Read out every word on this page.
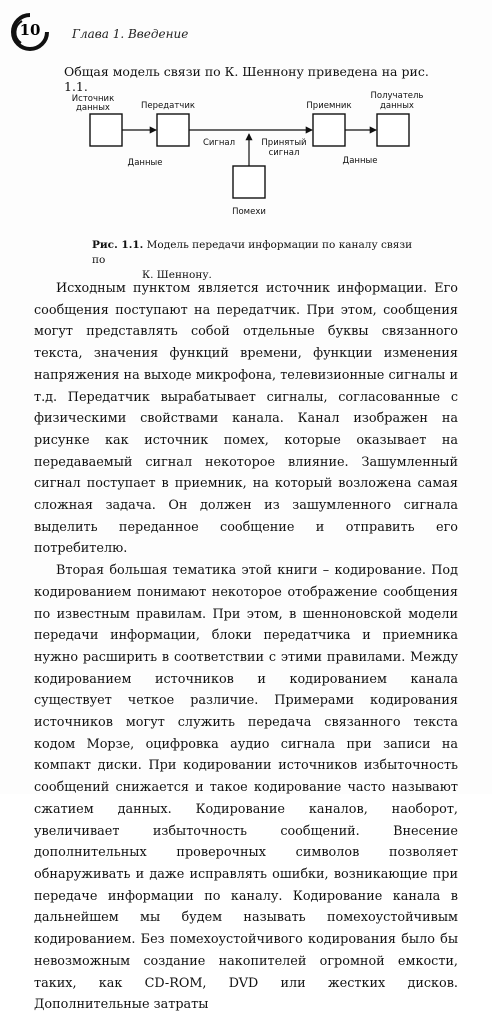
10	Глава 1. Введение
Общая модель связи по К. Шеннону приведена на рис. 1.1.
Источник
данных	Передатчик	Приемник
Получатель
данных
Данные
Сигнал	Принятый
сигнал
Данные
Помехи
Рис. 1.1. Модель передачи информации по каналу связи по
К. Шеннону.

Исходным пунктом является источник информации. Его сообщения поступают на передатчик. При этом, сообщения могут представлять собой отдельные буквы связанного текста, значения функций времени, функции изменения напряжения на выходе микрофона, телевизионные сигналы и т.д. Передатчик вырабатывает сигналы, согласованные с физическими свойствами канала. Канал изображен на рисунке как источник помех, которые оказывает на передаваемый сигнал некоторое влияние. Зашумленный сигнал поступает в приемник, на который возложена самая сложная задача. Он должен из зашумленного сигнала выделить переданное сообщение и отправить его потребителю.

Вторая большая тематика этой книги – кодирование. Под кодированием понимают некоторое отображение сообщения по известным правилам. При этом, в шенноновской модели передачи информации, блоки передатчика и приемника нужно расширить в соответствии с этими правилами. Между кодированием источников и кодированием канала существует четкое различие. Примерами кодирования источников могут служить передача связанного текста кодом Морзе, оцифровка аудио сигнала при записи на компакт диски. При кодировании источников избыточность сообщений снижается и такое кодирование часто называют сжатием данных. Кодирование каналов, наоборот, увеличивает избыточность сообщений. Внесение дополнительных проверочных символов позволяет обнаруживать и даже исправлять ошибки, возникающие при передаче информации по каналу. Кодирование канала в дальнейшем мы будем называть помехоустойчивым кодированием. Без помехоустойчивого кодирования было бы невозможным создание накопителей огромной емкости, таких, как CD-ROM, DVD или жестких дисков. Дополнительные затраты
